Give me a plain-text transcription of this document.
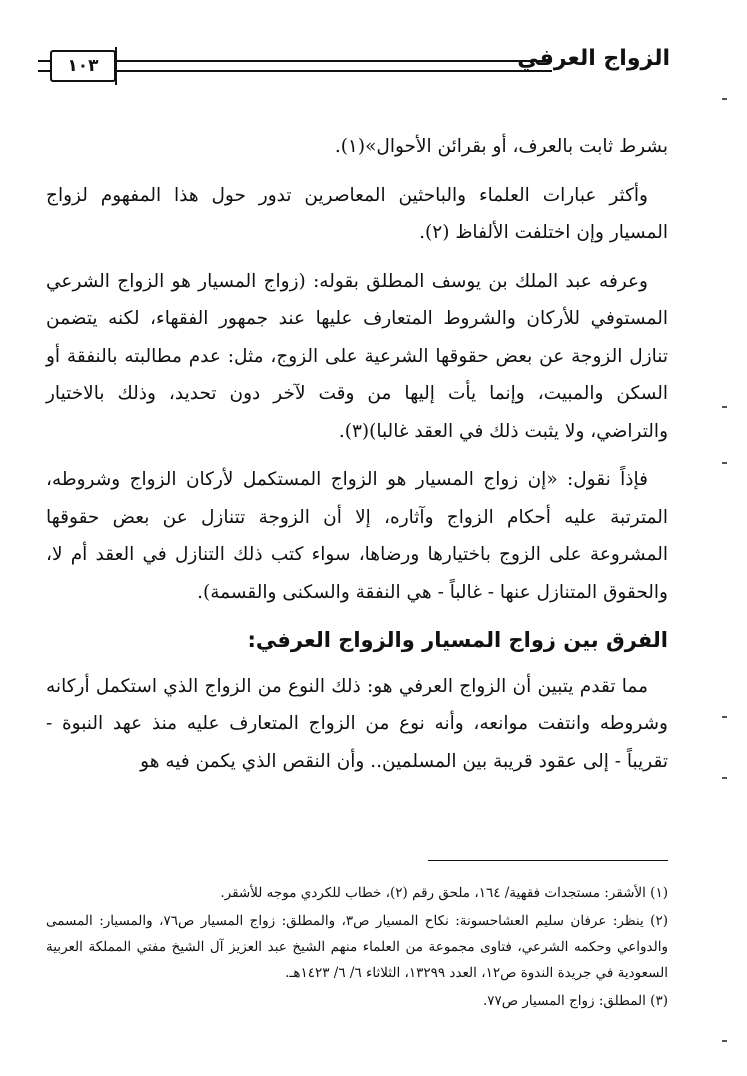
١٠٣	الزواج العرفي

بشرط ثابت بالعرف، أو بقرائن الأحوال»(١).

وأكثر عبارات العلماء والباحثين المعاصرين تدور حول هذا المفهوم لزواج المسيار وإن اختلفت الألفاظ (٢).

وعرفه عبد الملك بن يوسف المطلق بقوله: (زواج المسيار هو الزواج الشرعي المستوفي للأركان والشروط المتعارف عليها عند جمهور الفقهاء، لكنه يتضمن تنازل الزوجة عن بعض حقوقها الشرعية على الزوج، مثل: عدم مطالبته بالنفقة أو السكن والمبيت، وإنما يأت إليها من وقت لآخر دون تحديد، وذلك بالاختيار والتراضي، ولا يثبت ذلك في العقد غالبا)(٣).

فإذاً نقول: «إن زواج المسيار هو الزواج المستكمل لأركان الزواج وشروطه، المترتبة عليه أحكام الزواج وآثاره، إلا أن الزوجة تتنازل عن بعض حقوقها المشروعة على الزوج باختيارها ورضاها، سواء كتب ذلك التنازل في العقد أم لا، والحقوق المتنازل عنها - غالباً - هي النفقة والسكنى والقسمة).

الفرق بين زواج المسيار والزواج العرفي:

مما تقدم يتبين أن الزواج العرفي هو: ذلك النوع من الزواج الذي استكمل أركانه وشروطه وانتفت موانعه، وأنه نوع من الزواج المتعارف عليه منذ عهد النبوة - تقريباً - إلى عقود قريبة بين المسلمين.. وأن النقص الذي يكمن فيه هو

(١) الأشقر: مستجدات فقهية/ ١٦٤، ملحق رقم (٢)، خطاب للكردي موجه للأشقر.

(٢) ينظر: عرفان سليم العشاحسونة: نكاح المسيار ص٣، والمطلق: زواج المسيار ص٧٦، والمسيار: المسمى والدواعي وحكمه الشرعي، فتاوى مجموعة من العلماء منهم الشيخ عبد العزيز آل الشيخ مفتي المملكة العربية السعودية في جريدة الندوة ص١٢، العدد ١٣٢٩٩، الثلاثاء ٦/ ٦/ ١٤٢٣هـ.

(٣) المطلق: زواج المسيار ص٧٧.
